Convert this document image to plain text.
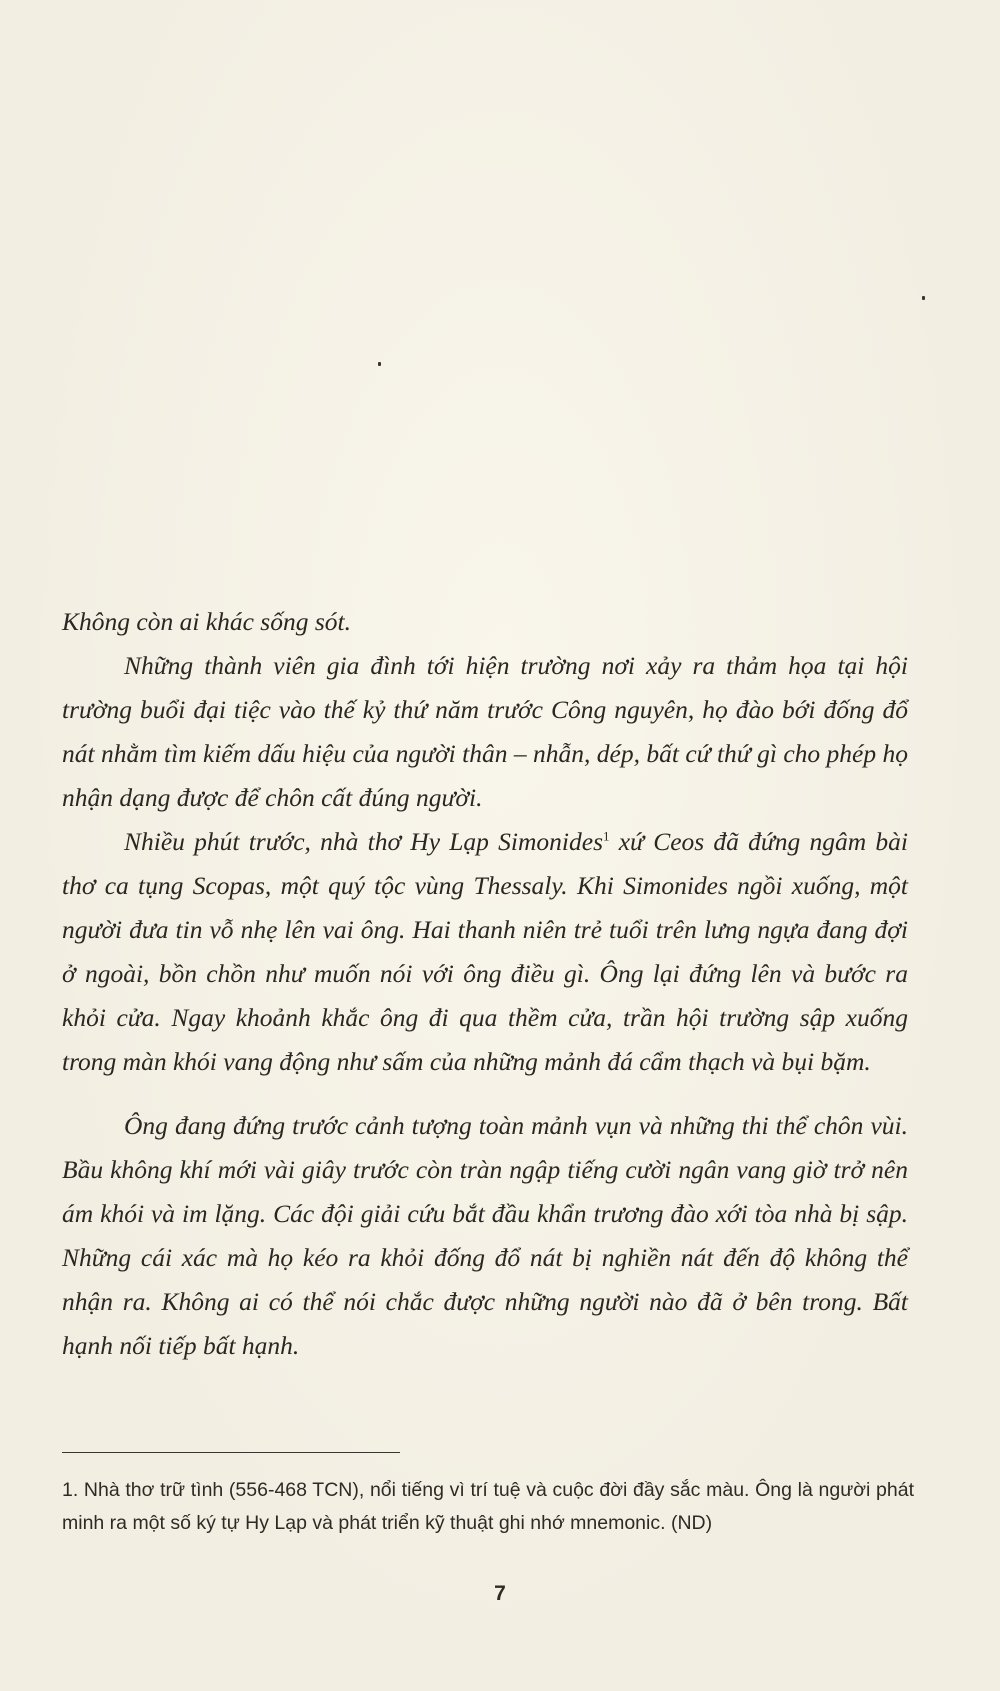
Không còn ai khác sống sót.

Những thành viên gia đình tới hiện trường nơi xảy ra thảm họa tại hội trường buổi đại tiệc vào thế kỷ thứ năm trước Công nguyên, họ đào bới đống đổ nát nhằm tìm kiếm dấu hiệu của người thân – nhẫn, dép, bất cứ thứ gì cho phép họ nhận dạng được để chôn cất đúng người.

Nhiều phút trước, nhà thơ Hy Lạp Simonides$^1$ xứ Ceos đã đứng ngâm bài thơ ca tụng Scopas, một quý tộc vùng Thessaly. Khi Simonides ngồi xuống, một người đưa tin vỗ nhẹ lên vai ông. Hai thanh niên trẻ tuổi trên lưng ngựa đang đợi ở ngoài, bồn chồn như muốn nói với ông điều gì. Ông lại đứng lên và bước ra khỏi cửa. Ngay khoảnh khắc ông đi qua thềm cửa, trần hội trường sập xuống trong màn khói vang động như sấm của những mảnh đá cẩm thạch và bụi bặm.

Ông đang đứng trước cảnh tượng toàn mảnh vụn và những thi thể chôn vùi. Bầu không khí mới vài giây trước còn tràn ngập tiếng cười ngân vang giờ trở nên ám khói và im lặng. Các đội giải cứu bắt đầu khẩn trương đào xới tòa nhà bị sập. Những cái xác mà họ kéo ra khỏi đống đổ nát bị nghiền nát đến độ không thể nhận ra. Không ai có thể nói chắc được những người nào đã ở bên trong. Bất hạnh nối tiếp bất hạnh.

1. Nhà thơ trữ tình (556-468 TCN), nổi tiếng vì trí tuệ và cuộc đời đầy sắc màu. Ông là người phát minh ra một số ký tự Hy Lạp và phát triển kỹ thuật ghi nhớ mnemonic. (ND)
7
